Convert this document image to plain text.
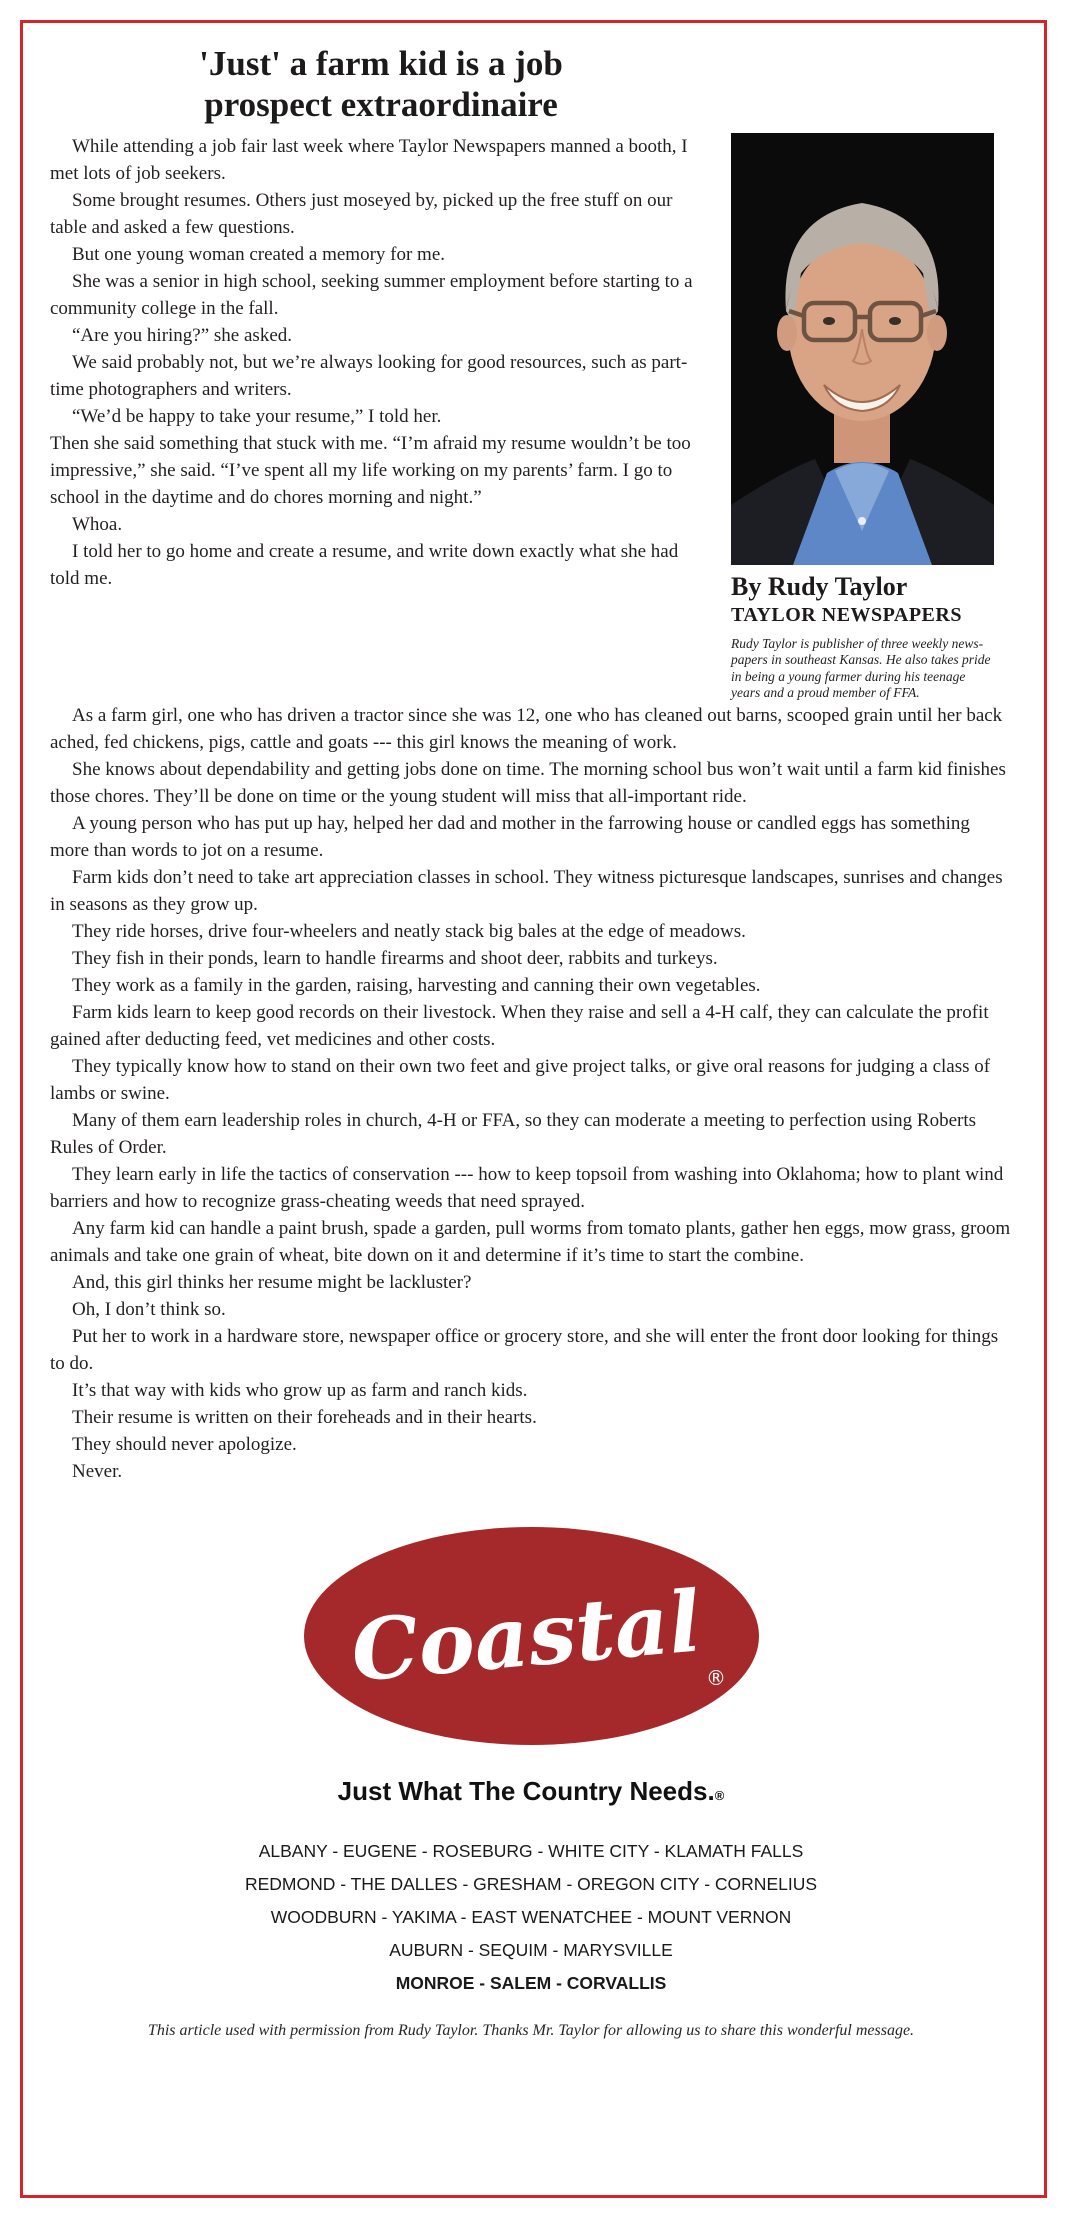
'Just' a farm kid is a job
prospect extraordinaire

While attending a job fair last week where Taylor Newspapers manned a booth, I met lots of job seekers.

Some brought resumes. Others just moseyed by, picked up the free stuff on our table and asked a few questions.

But one young woman created a memory for me.

She was a senior in high school, seeking summer employment before starting to a community college in the fall.

“Are you hiring?” she asked.

We said probably not, but we’re always looking for good resources, such as part-time photographers and writers.

“We’d be happy to take your resume,” I told her.

Then she said something that stuck with me. “I’m afraid my resume wouldn’t be too impressive,” she said. “I’ve spent all my life working on my parents’ farm. I go to school in the daytime and do chores morning and night.”

Whoa.

I told her to go home and create a resume, and write down exactly what she had told me.	By Rudy Taylor

TAYLOR NEWSPAPERS

Rudy Taylor is publisher of three weekly news-
papers in southeast Kansas. He also takes pride
in being a young farmer during his teenage
years and a proud member of FFA.

As a farm girl, one who has driven a tractor since she was 12, one who has cleaned out barns, scooped grain until her back ached, fed chickens, pigs, cattle and goats --- this girl knows the meaning of work.

She knows about dependability and getting jobs done on time. The morning school bus won’t wait until a farm kid finishes those chores. They’ll be done on time or the young student will miss that all-important ride.

A young person who has put up hay, helped her dad and mother in the farrowing house or candled eggs has something more than words to jot on a resume.

Farm kids don’t need to take art appreciation classes in school. They witness picturesque landscapes, sunrises and changes in seasons as they grow up.

They ride horses, drive four-wheelers and neatly stack big bales at the edge of meadows.

They fish in their ponds, learn to handle firearms and shoot deer, rabbits and turkeys.

They work as a family in the garden, raising, harvesting and canning their own vegetables.

Farm kids learn to keep good records on their livestock. When they raise and sell a 4-H calf, they can calculate the profit gained after deducting feed, vet medicines and other costs.

They typically know how to stand on their own two feet and give project talks, or give oral reasons for judging a class of lambs or swine.

Many of them earn leadership roles in church, 4-H or FFA, so they can moderate a meeting to perfection using Roberts Rules of Order.

They learn early in life the tactics of conservation --- how to keep topsoil from washing into Oklahoma; how to plant wind barriers and how to recognize grass-cheating weeds that need sprayed.

Any farm kid can handle a paint brush, spade a garden, pull worms from tomato plants, gather hen eggs, mow grass, groom animals and take one grain of wheat, bite down on it and determine if it’s time to start the combine.

And, this girl thinks her resume might be lackluster?

Oh, I don’t think so.

Put her to work in a hardware store, newspaper office or grocery store, and she will enter the front door looking for things to do.

It’s that way with kids who grow up as farm and ranch kids.

Their resume is written on their foreheads and in their hearts.

They should never apologize.

Never.

Coastal ®
Just What The Country Needs.®
ALBANY - EUGENE - ROSEBURG - WHITE CITY - KLAMATH FALLS
REDMOND - THE DALLES - GRESHAM - OREGON CITY - CORNELIUS
WOODBURN - YAKIMA - EAST WENATCHEE - MOUNT VERNON
AUBURN - SEQUIM - MARYSVILLE
MONROE - SALEM - CORVALLIS
This article used with permission from Rudy Taylor. Thanks Mr. Taylor for allowing us to share this wonderful message.
